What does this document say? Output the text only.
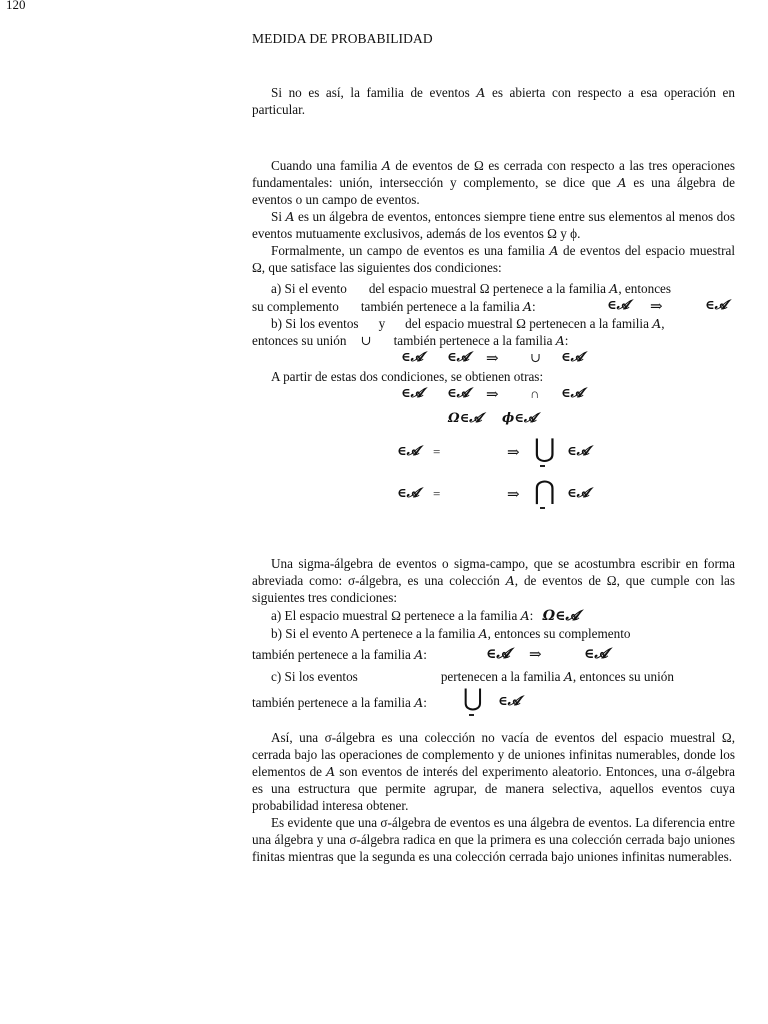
120
MEDIDA DE PROBABILIDAD

Si no es así, la familia de eventos A es abierta con respecto a esa operación en particular.

Cuando una familia A de eventos de Ω es cerrada con respecto a las tres operaciones fundamentales: unión, intersección y complemento, se dice que A es una álgebra de eventos o un campo de eventos.

Si A es un álgebra de eventos, entonces siempre tiene entre sus elementos al menos dos eventos mutuamente exclusivos, además de los eventos Ω y ϕ.

Formalmente, un campo de eventos es una familia A de eventos del espacio muestral Ω, que satisface las siguientes dos condiciones:

a) Si el evento del espacio muestral Ω pertenece a la familia A, entonces
su complemento también pertenece a la familia A:	∈𝓐 ⇒	∈𝓐
b) Si los eventos y del espacio muestral Ω pertenecen a la familia A,
entonces su unión ∪ también pertenece a la familia A:
∈𝓐 ∈𝓐 ⇒ ∪ ∈𝓐
A partir de estas dos condiciones, se obtienen otras:
∈𝓐 ∈𝓐 ⇒ ∩ ∈𝓐
Ω∈𝓐 ϕ∈𝓐
∈𝓐 =	⇒ ⋃ ∈𝓐
∈𝓐 =	⇒ ⋂ ∈𝓐

Una sigma-álgebra de eventos o sigma-campo, que se acostumbra escribir en forma abreviada como: σ-álgebra, es una colección A, de eventos de Ω, que cumple con las siguientes tres condiciones:

a) El espacio muestral Ω pertenece a la familia A: Ω∈𝓐
b) Si el evento A pertenece a la familia A, entonces su complemento
también pertenece a la familia A:	∈𝓐 ⇒	∈𝓐
c) Si los eventos	pertenecen a la familia A, entonces su unión
también pertenece a la familia A:	⋃ ∈𝓐

Así, una σ-álgebra es una colección no vacía de eventos del espacio muestral Ω, cerrada bajo las operaciones de complemento y de uniones infinitas numerables, donde los elementos de A son eventos de interés del experimento aleatorio. Entonces, una σ-álgebra es una estructura que permite agrupar, de manera selectiva, aquellos eventos cuya probabilidad interesa obtener.

Es evidente que una σ-álgebra de eventos es una álgebra de eventos. La diferencia entre una álgebra y una σ-álgebra radica en que la primera es una colección cerrada bajo uniones finitas mientras que la segunda es una colección cerrada bajo uniones infinitas numerables.
